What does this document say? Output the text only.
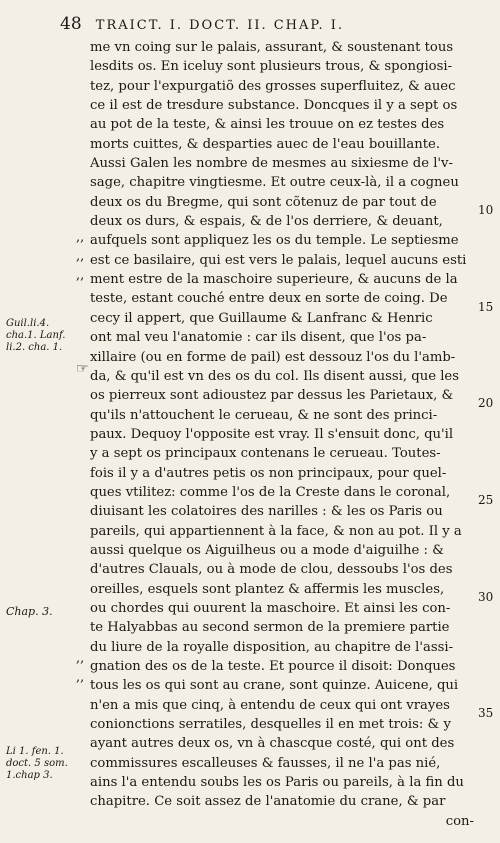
48 TRAICT. I. DOCT. II. CHAP. I.
me vn coing sur le palais, assurant, & soustenant tous
lesdits os. En iceluy sont plusieurs trous, & spongiosi-
tez, pour l'expurgatiõ des grosses superfluitez, & auec
ce il est de tresdure substance. Doncques il y a sept os
au pot de la teste, & ainsi les trouue on ez testes des
morts cuittes, & desparties auec de l'eau bouillante.
Aussi Galen les nombre de mesmes au sixiesme de l'v-
sage, chapitre vingtiesme. Et outre ceux-là, il a cogneu
deux os du Bregme, qui sont cõtenuz de par tout de
deux os durs, & espais, & de l'os derriere, & deuant,
aufquels sont appliquez les os du temple. Le septiesme
est ce basilaire, qui est vers le palais, lequel aucuns esti
ment estre de la maschoire superieure, & aucuns de la
teste, estant couché entre deux en sorte de coing. De
cecy il appert, que Guillaume & Lanfranc & Henric
ont mal veu l'anatomie : car ils disent, que l'os pa-
xillaire (ou en forme de pail) est dessouz l'os du l'amb-
da, & qu'il est vn des os du col. Ils disent aussi, que les
os pierreux sont adioustez par dessus les Parietaux, &
qu'ils n'attouchent le cerueau, & ne sont des princi-
paux. Dequoy l'opposite est vray. Il s'ensuit donc, qu'il
y a sept os principaux contenans le cerueau. Toutes-
fois il y a d'autres petis os non principaux, pour quel-
ques vtilitez: comme l'os de la Creste dans le coronal,
diuisant les colatoires des narilles : & les os Paris ou
pareils, qui appartiennent à la face, & non au pot. Il y a
aussi quelque os Aiguilheus ou a mode d'aiguilhe : &
d'autres Clauals, ou à mode de clou, dessoubs l'os des
oreilles, esquels sont plantez & affermis les muscles,
ou chordes qui ouurent la maschoire. Et ainsi les con-
te Halyabbas au second sermon de la premiere partie
du liure de la royalle disposition, au chapitre de l'assi-
gnation des os de la teste. Et pource il disoit: Donques
tous les os qui sont au crane, sont quinze. Auicene, qui
n'en a mis que cinq, à entendu de ceux qui ont vrayes
conionctions serratiles, desquelles il en met trois: & y
ayant autres deux os, vn à chascque costé, qui ont des
commissures escalleuses & fausses, il ne l'a pas nié,
ains l'a entendu soubs les os Paris ou pareils, à la fin du
chapitre. Ce soit assez de l'anatomie du crane, & par
con-
Guil.li.4.
cha.1. Lanf.
li.2. cha. 1.
Chap. 3.
Li 1. fen. 1.
doct. 5 som.
1.chap 3.
10
15
20
25
30
35
,,
,,
,,
,,
,,
☞
